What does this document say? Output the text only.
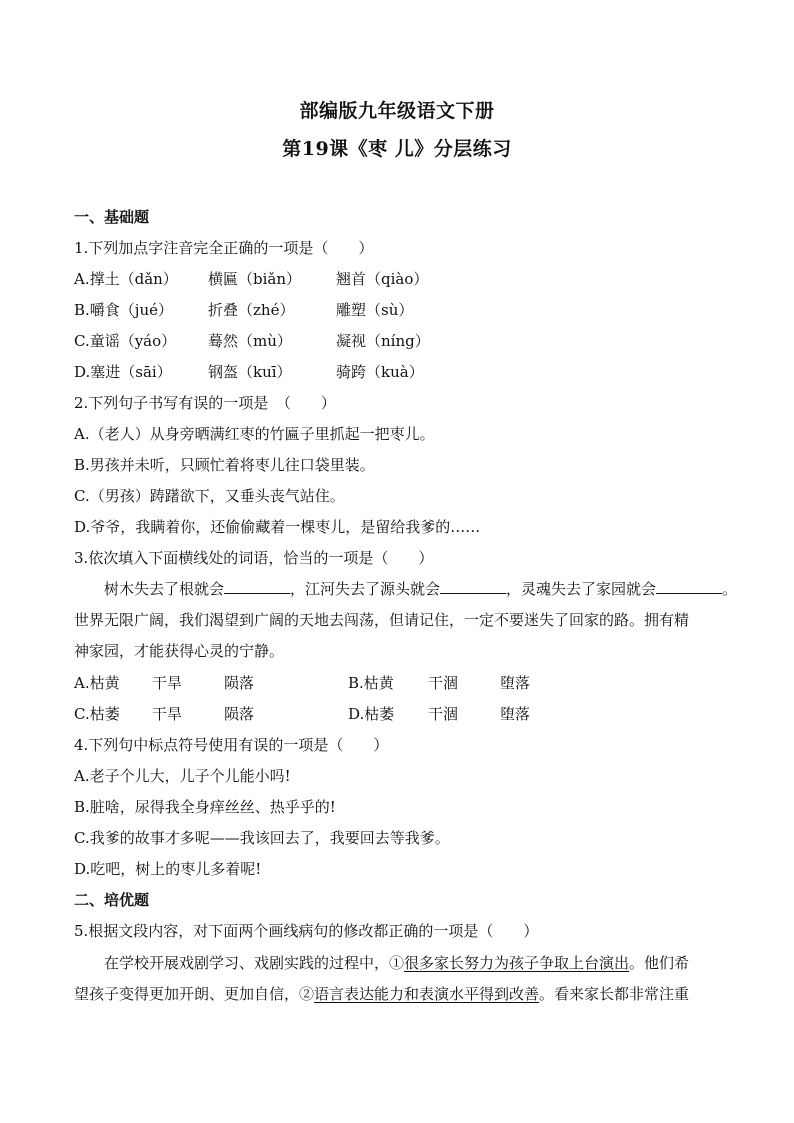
部编版九年级语文下册
第19课《枣 儿》分层练习
一、基础题
1.下列加点字注音完全正确的一项是（　　）
A.撑土（dǎn） 横匾（biǎn） 翘首（qiào）
B.嚼食（jué） 折叠（zhé）	雕塑（sù）
C.童谣（yáo） 蓦然（mù）	凝视（níng）
D.塞进（sāi） 钢盔（kuī）	骑跨（kuà）
2.下列句子书写有误的一项是　（　　）
A.（老人）从身旁晒满红枣的竹匾子里抓起一把枣儿。
B.男孩并未听，只顾忙着将枣儿往口袋里装。
C.（男孩）踌躇欲下，又垂头丧气站住。
D.爷爷，我瞒着你，还偷偷藏着一棵枣儿，是留给我爹的……
3.依次填入下面横线处的词语，恰当的一项是（　　）
树木失去了根就会	，江河失去了源头就会	，灵魂失去了家园就会	。
世界无限广阔，我们渴望到广阔的天地去闯荡，但请记住，一定不要迷失了回家的路。拥有精
神家园，才能获得心灵的宁静。
A.枯黄 干旱	陨落	B.枯黄 干涸	堕落
C.枯萎 干旱	陨落	D.枯萎 干涸	堕落
4.下列句中标点符号使用有误的一项是（　　）
A.老子个儿大，儿子个儿能小吗!
B.脏啥，尿得我全身痒丝丝、热乎乎的!
C.我爹的故事才多呢——我该回去了，我要回去等我爹。
D.吃吧，树上的枣儿多着呢!
二、培优题
5.根据文段内容，对下面两个画线病句的修改都正确的一项是（　　）
在学校开展戏剧学习、戏剧实践的过程中，①很多家长努力为孩子争取上台演出。他们希
望孩子变得更加开朗、更加自信，②语言表达能力和表演水平得到改善。看来家长都非常注重
